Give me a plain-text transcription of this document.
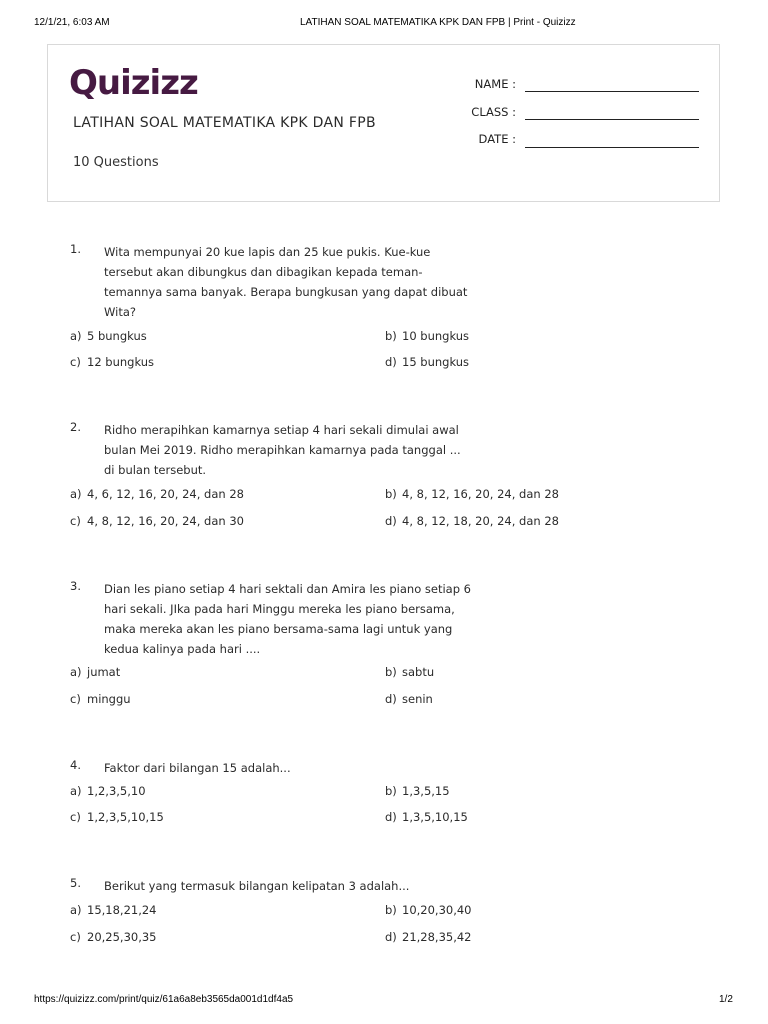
12/1/21, 6:03 AM	LATIHAN SOAL MATEMATIKA KPK DAN FPB | Print - Quizizz
Quizizz
LATIHAN SOAL MATEMATIKA KPK DAN FPB
10 Questions
NAME :
CLASS :
DATE :
1. Wita mempunyai 20 kue lapis dan 25 kue pukis. Kue-kue tersebut akan dibungkus dan dibagikan kepada teman-temannya sama banyak. Berapa bungkusan yang dapat dibuat Wita?
a) 5 bungkus	b) 10 bungkus
c) 12 bungkus	d) 15 bungkus
2. Ridho merapihkan kamarnya setiap 4 hari sekali dimulai awal bulan Mei 2019. Ridho merapihkan kamarnya pada tanggal ... di bulan tersebut.
a) 4, 6, 12, 16, 20, 24, dan 28	b) 4, 8, 12, 16, 20, 24, dan 28
c) 4, 8, 12, 16, 20, 24, dan 30	d) 4, 8, 12, 18, 20, 24, dan 28
3. Dian les piano setiap 4 hari sektali dan Amira les piano setiap 6 hari sekali. JIka pada hari Minggu mereka les piano bersama, maka mereka akan les piano bersama-sama lagi untuk yang kedua kalinya pada hari ....
a) jumat	b) sabtu
c) minggu	d) senin
4. Faktor dari bilangan 15 adalah...
a) 1,2,3,5,10	b) 1,3,5,15
c) 1,2,3,5,10,15	d) 1,3,5,10,15
5. Berikut yang termasuk bilangan kelipatan 3 adalah...
a) 15,18,21,24	b) 10,20,30,40
c) 20,25,30,35	d) 21,28,35,42
https://quizizz.com/print/quiz/61a6a8eb3565da001d1df4a5	1/2
